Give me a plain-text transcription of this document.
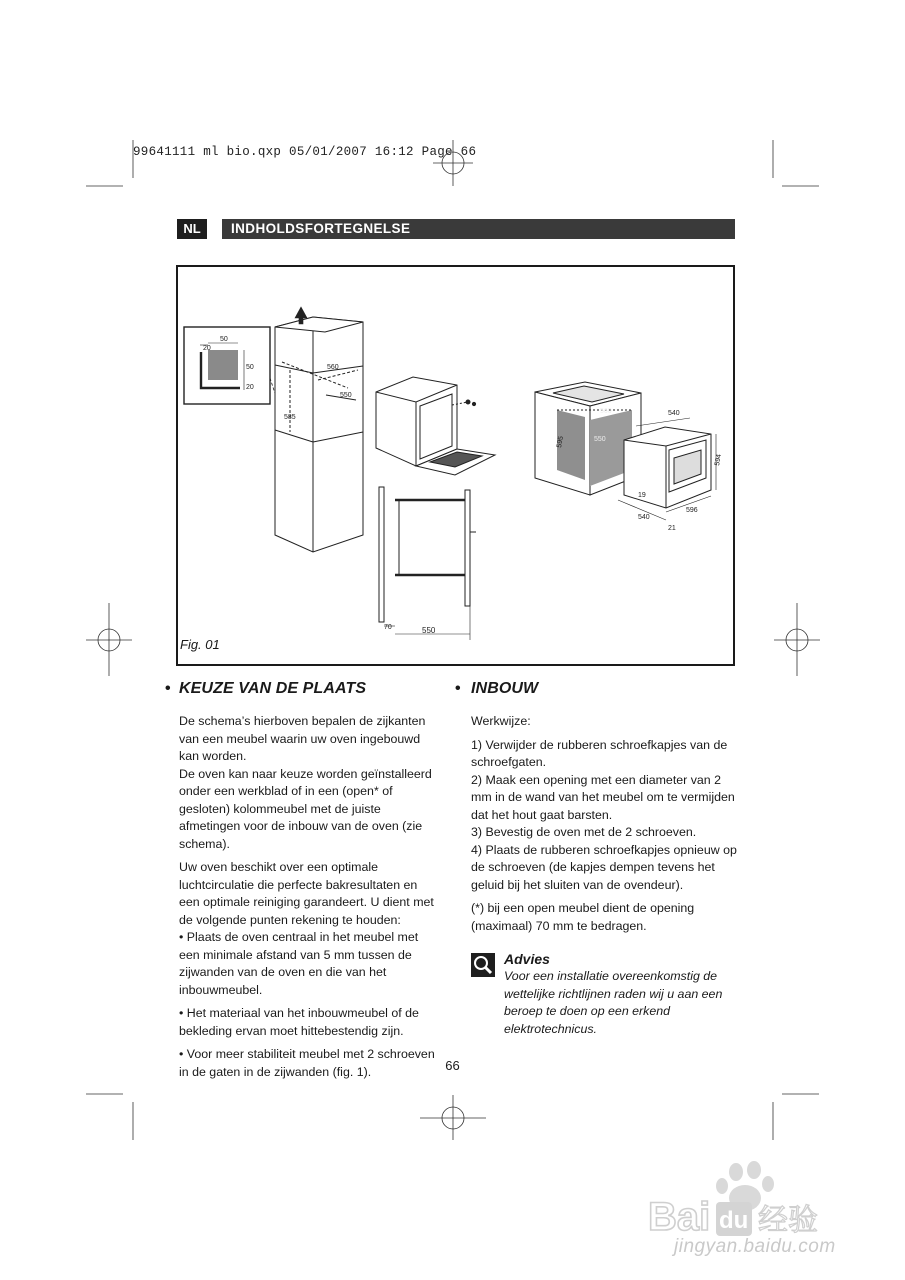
99641111 ml bio.qxp 05/01/2007 16:12 Page 66
NL	INDHOLDSFORTEGNELSE
50
20
50
20
560
550
585
70	550
560
550
595
540
594
596
540
21
19
Fig. 01
• KEUZE VAN DE PLAATS

De schema’s hierboven bepalen de zijkanten van een meubel waarin uw oven ingebouwd kan worden.

De oven kan naar keuze worden geïnstalleerd onder een werkblad of in een (open* of gesloten) kolommeubel met de juiste afmetingen voor de inbouw van de oven (zie schema).

Uw oven beschikt over een optimale luchtcirculatie die perfecte bakresultaten en een optimale reiniging garandeert. U dient met de volgende punten rekening te houden:

• Plaats de oven centraal in het meubel met een minimale afstand van 5 mm tussen de zijwanden van de oven en die van het inbouwmeubel.

• Het materiaal van het inbouwmeubel of de bekleding ervan moet hittebestendig zijn.

• Voor meer stabiliteit meubel met 2 schroeven in de gaten in de zijwanden (fig. 1).

• INBOUW

Werkwijze:

1) Verwijder de rubberen schroefkapjes van de schroefgaten.

2) Maak een opening met een diameter van 2 mm in de wand van het meubel om te vermijden dat het hout gaat barsten.

3) Bevestig de oven met de 2 schroeven.

4) Plaats de rubberen schroefkapjes opnieuw op de schroeven (de kapjes dempen tevens het geluid bij het sluiten van de ovendeur).

(*) bij een open meubel dient de opening (maximaal) 70 mm te bedragen.

Advies

Voor een installatie overeenkomstig de wettelijke richtlijnen raden wij u aan een beroep te doen op een erkend elektrotechnicus.

66
Bai du 经验
jingyan.baidu.com
